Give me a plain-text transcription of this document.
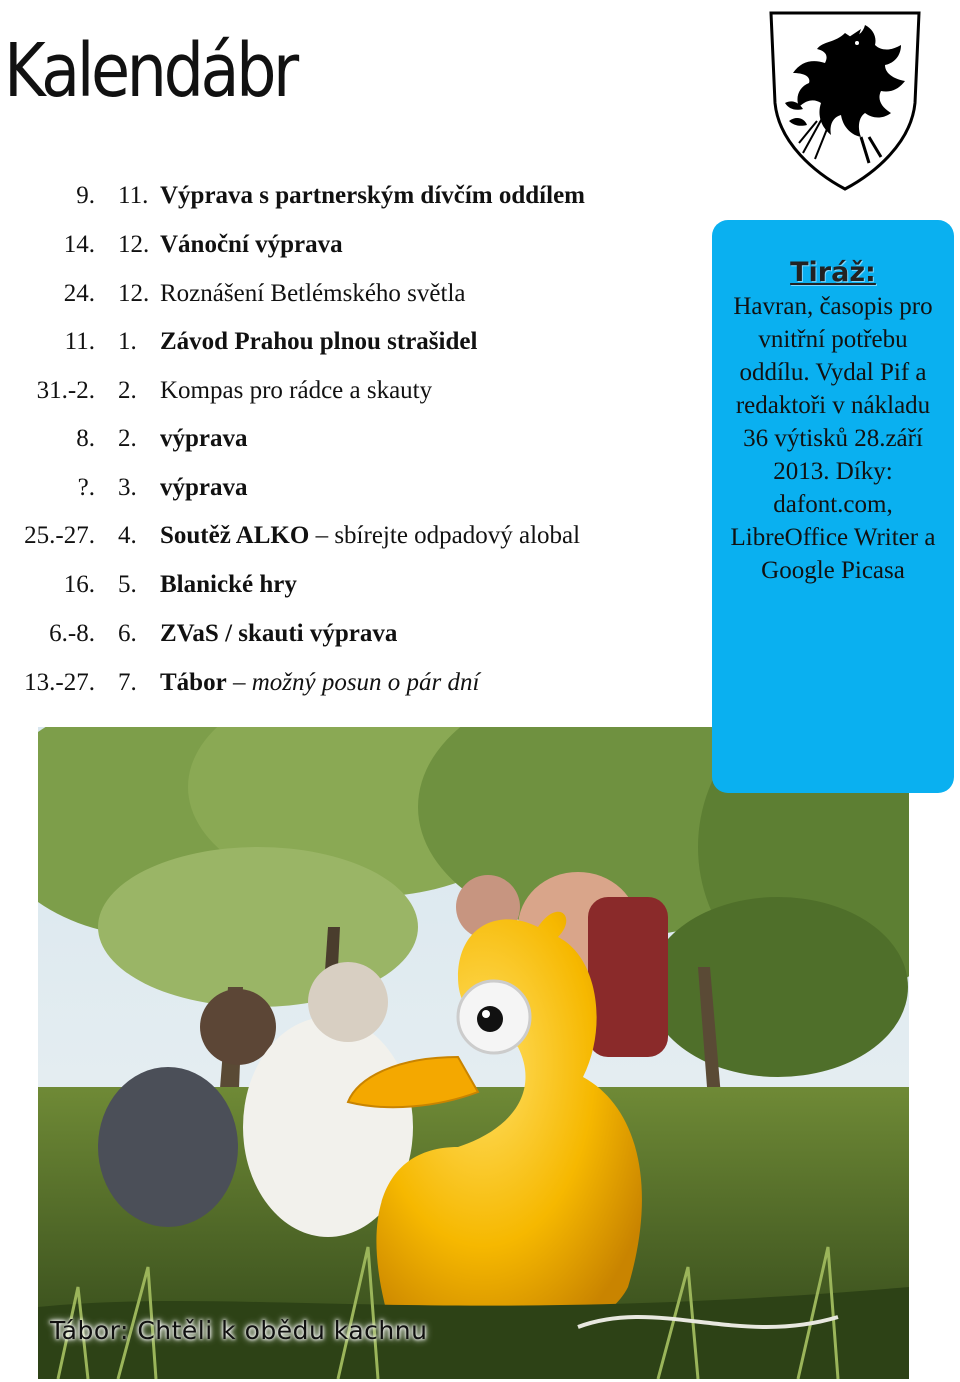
Kalendábr
9. 11. Výprava s partnerským dívčím oddílem
14. 12. Vánoční výprava
24. 12. Roznášení Betlémského světla
11. 1. Závod Prahou plnou strašidel
31.-2. 2. Kompas pro rádce a skauty
8. 2. výprava
?. 3. výprava
25.-27. 4. Soutěž ALKO – sbírejte odpadový alobal
16. 5. Blanické hry
6.-8. 6. ZVaS / skauti výprava
13.-27. 7. Tábor – možný posun o pár dní
Tábor: Chtěli k obědu kachnu
Tiráž:
Havran, časopis pro vnitřní potřebu oddílu. Vydal Pif a redaktoři v nákladu 36 výtisků 28.září 2013. Díky: dafont.com, LibreOffice Writer a Google Picasa
